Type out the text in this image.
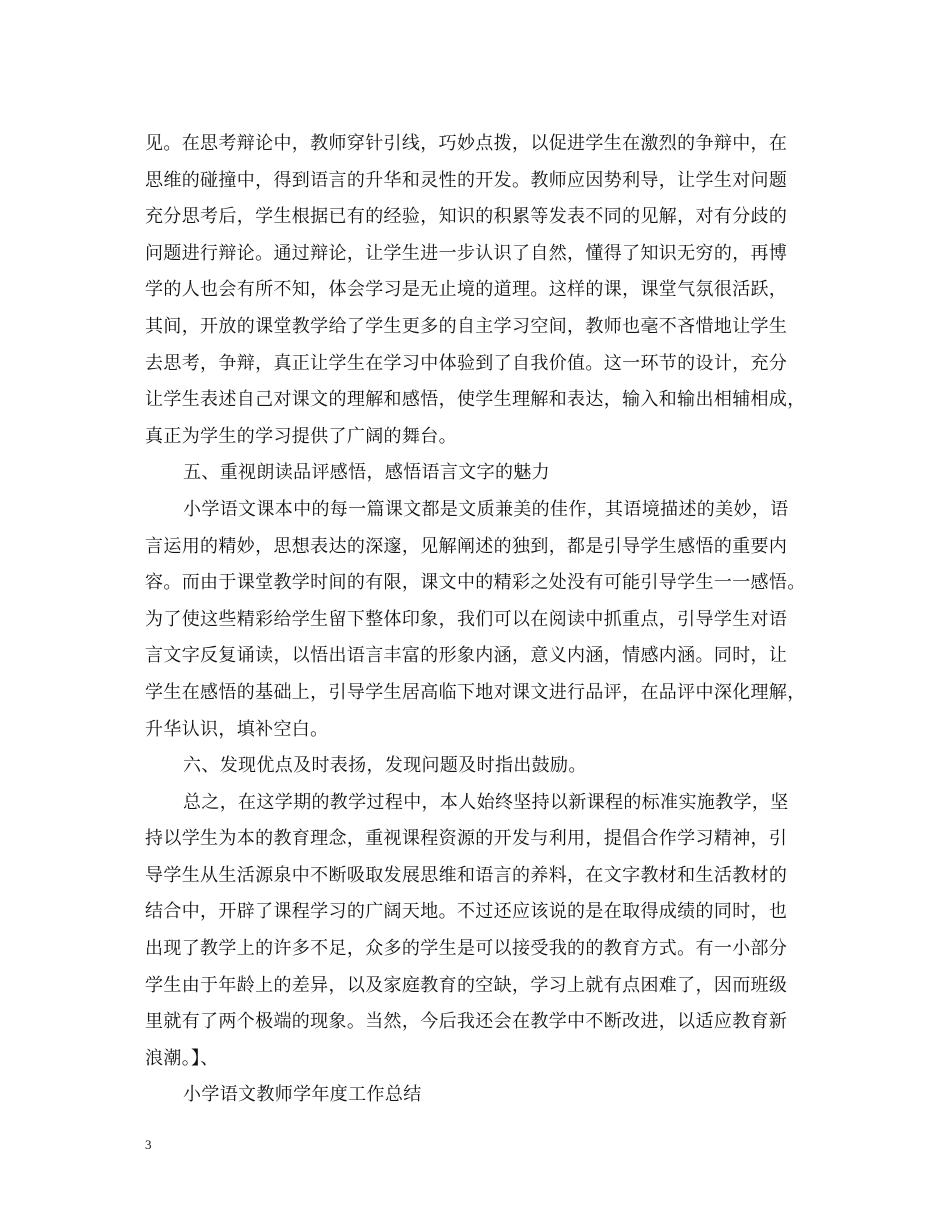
见。在思考辩论中，教师穿针引线，巧妙点拨，以促进学生在激烈的争辩中，在
思维的碰撞中，得到语言的升华和灵性的开发。教师应因势利导，让学生对问题
充分思考后，学生根据已有的经验，知识的积累等发表不同的见解，对有分歧的
问题进行辩论。通过辩论，让学生进一步认识了自然，懂得了知识无穷的，再博
学的人也会有所不知，体会学习是无止境的道理。这样的课，课堂气氛很活跃，
其间，开放的课堂教学给了学生更多的自主学习空间，教师也毫不吝惜地让学生
去思考，争辩，真正让学生在学习中体验到了自我价值。这一环节的设计，充分
让学生表述自己对课文的理解和感悟，使学生理解和表达，输入和输出相辅相成，
真正为学生的学习提供了广阔的舞台。
五、重视朗读品评感悟，感悟语言文字的魅力
小学语文课本中的每一篇课文都是文质兼美的佳作，其语境描述的美妙，语
言运用的精妙，思想表达的深邃，见解阐述的独到，都是引导学生感悟的重要内
容。而由于课堂教学时间的有限，课文中的精彩之处没有可能引导学生一一感悟。
为了使这些精彩给学生留下整体印象，我们可以在阅读中抓重点，引导学生对语
言文字反复诵读，以悟出语言丰富的形象内涵，意义内涵，情感内涵。同时，让
学生在感悟的基础上，引导学生居高临下地对课文进行品评，在品评中深化理解，
升华认识，填补空白。
六、发现优点及时表扬，发现问题及时指出鼓励。
总之，在这学期的教学过程中，本人始终坚持以新课程的标准实施教学，坚
持以学生为本的教育理念，重视课程资源的开发与利用，提倡合作学习精神，引
导学生从生活源泉中不断吸取发展思维和语言的养料，在文字教材和生活教材的
结合中，开辟了课程学习的广阔天地。不过还应该说的是在取得成绩的同时，也
出现了教学上的许多不足，众多的学生是可以接受我的的教育方式。有一小部分
学生由于年龄上的差异，以及家庭教育的空缺，学习上就有点困难了，因而班级
里就有了两个极端的现象。当然，今后我还会在教学中不断改进，以适应教育新
浪潮。】、
小学语文教师学年度工作总结
3
